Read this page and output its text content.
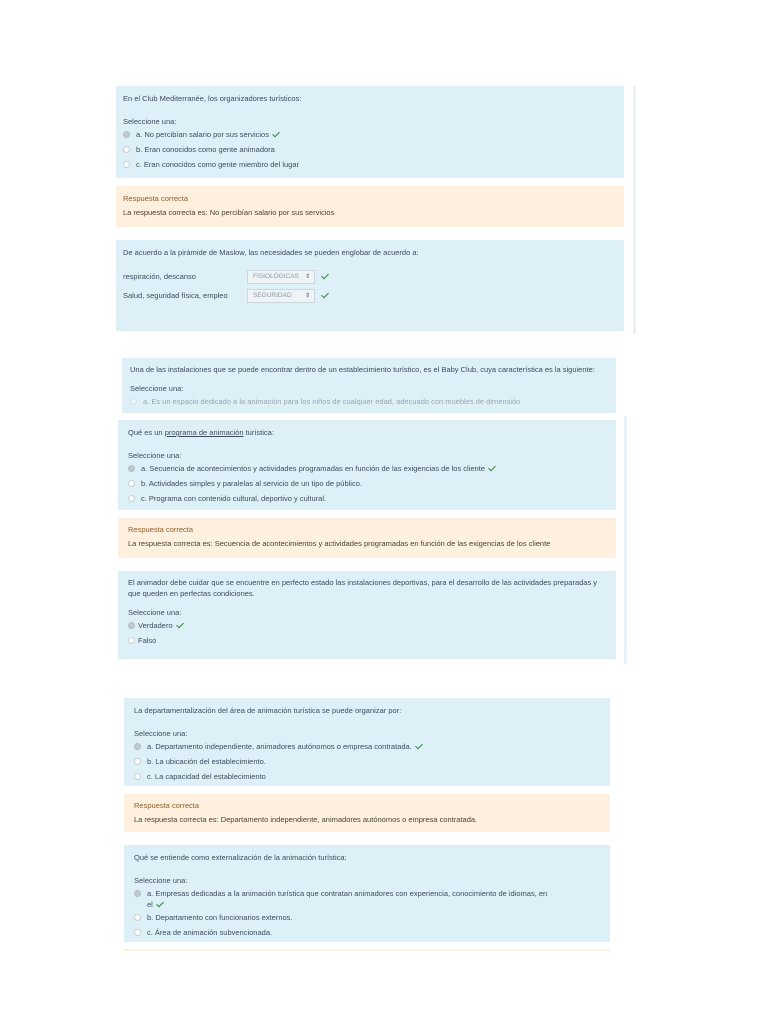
En el Club Mediterranée, los organizadores turísticos:

Seleccione una:
a. No percibían salario por sus servicios
b. Eran conocidos como gente animadora
c. Eran conocidos como gente miembro del lugar

Respuesta correcta

La respuesta correcta es: No percibían salario por sus servicios

De acuerdo a la pirámide de Maslow, las necesidades se pueden englobar de acuerdo a:

respiración, descanso	FISIOLÓGICAS ⇕
Salud, seguridad física, empleo	SEGURIDAD ⇕

Una de las instalaciones que se puede encontrar dentro de un establecimiento turístico, es el Baby Club, cuya característica es la siguiente:

Seleccione una:
a. Es un espacio dedicado a la animación para los niños de cualquier edad, adecuado con muebles de dimensión

Qué es un programa de animación turística:

Seleccione una:
a. Secuencia de acontecimientos y actividades programadas en función de las exigencias de los cliente
b. Actividades simples y paralelas al servicio de un tipo de público.
c. Programa con contenido cultural, deportivo y cultural.

Respuesta correcta

La respuesta correcta es: Secuencia de acontecimientos y actividades programadas en función de las exigencias de los cliente

El animador debe cuidar que se encuentre en perfecto estado las instalaciones deportivas, para el desarrollo de las actividades preparadas y que queden en perfectas condiciones.

Seleccione una:
Verdadero
Falso

La departamentalización del área de animación turística se puede organizar por:

Seleccione una:
a. Departamento independiente, animadores autónomos o empresa contratada.
b. La ubicación del establecimiento.
c. La capacidad del establecimiento

Respuesta correcta

La respuesta correcta es: Departamento independiente, animadores autónomos o empresa contratada.

Qué se entiende como externalización de la animación turística:

Seleccione una:
a. Empresas dedicadas a la animación turística que contratan animadores con experiencia, conocimiento de idiomas, en
el
b. Departamento con funcionarios externos.
c. Área de animación subvencionada.
